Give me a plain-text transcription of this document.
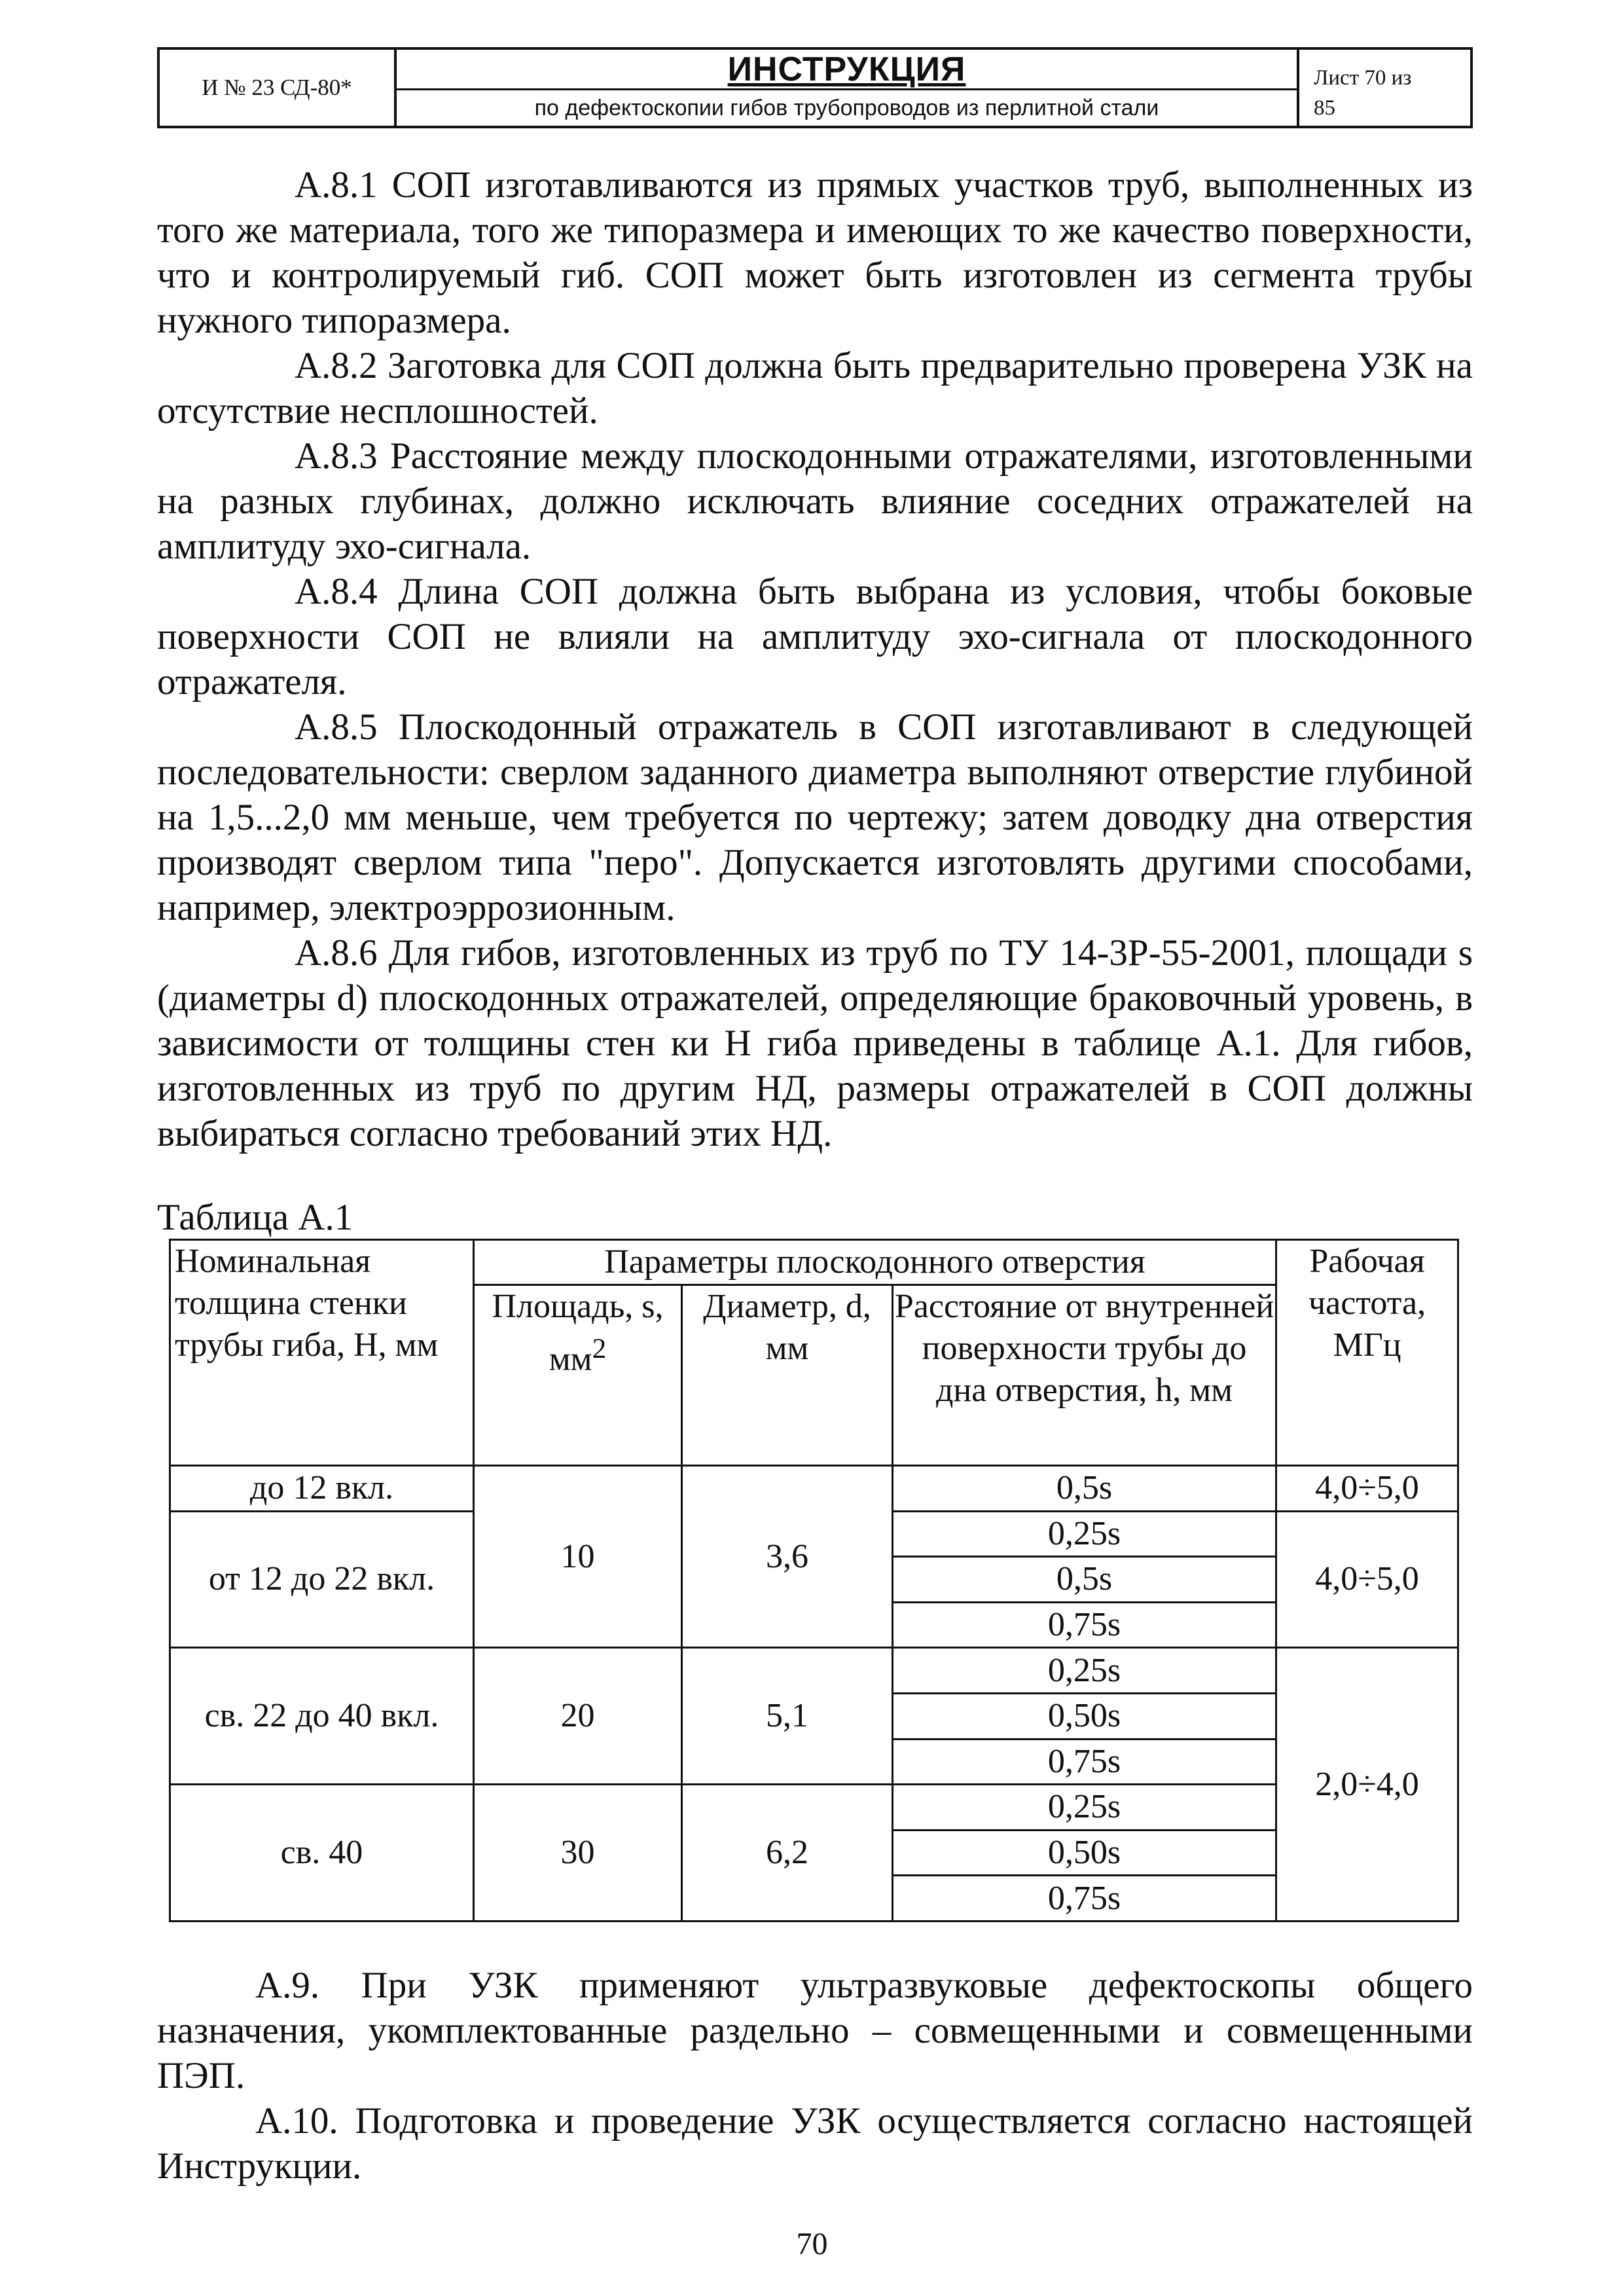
И № 23 СД-80*	ИНСТРУКЦИЯ
по дефектоскопии гибов трубопроводов из перлитной стали
Лист 70 из
85

А.8.1 СОП изготавливаются из прямых участков труб, выполненных из того же материала, того же типоразмера и имеющих то же качество поверхности, что и контролируемый гиб. СОП может быть изготовлен из сегмента трубы нужного типоразмера.

А.8.2 Заготовка для СОП должна быть предварительно проверена УЗК на отсутствие несплошностей.

А.8.3 Расстояние между плоскодонными отражателями, изготовленными на разных глубинах, должно исключать влияние соседних отражателей на амплитуду эхо-сигнала.

А.8.4 Длина СОП должна быть выбрана из условия, чтобы боковые поверхности СОП не влияли на амплитуду эхо-сигнала от плоскодонного отражателя.

А.8.5 Плоскодонный отражатель в СОП изготавливают в следующей последовательности: сверлом заданного диаметра выполняют отверстие глубиной на 1,5...2,0 мм меньше, чем требуется по чертежу; затем доводку дна отверстия производят сверлом типа "перо". Допускается изготовлять другими способами, например, электроэррозионным.

А.8.6 Для гибов, изготовленных из труб по ТУ 14-3Р-55-2001, площади s (диаметры d) плоскодонных отражателей, определяющие браковочный уровень, в зависимости от толщины стен ки Н гиба приведены в таблице А.1. Для гибов, изготовленных из труб по другим НД, размеры отражателей в СОП должны выбираться согласно требований этих НД.

Таблица А.1
Номинальная толщина стенки трубы гиба, Н, мм	Параметры плоскодонного отверстия			Рабочая частота, МГц
	Площадь, s, $мм^2$	Диаметр, d, мм	Расстояние от внутренней поверхности трубы до дна отверстия, h, мм	
до 12 вкл.	10	3,6	0,5s	4,0÷5,0
от 12 до 22 вкл.			0,25s	4,0÷5,0
			0,5s	
			0,75s	
св. 22 до 40 вкл.	20	5,1	0,25s	2,0÷4,0
			0,50s	
			0,75s	
св. 40	30	6,2	0,25s	
			0,50s	
			0,75s	

А.9. При УЗК применяют ультразвуковые дефектоскопы общего назначения, укомплектованные раздельно – совмещенными и совмещенными ПЭП.

А.10. Подготовка и проведение УЗК осуществляется согласно настоящей Инструкции.

70
